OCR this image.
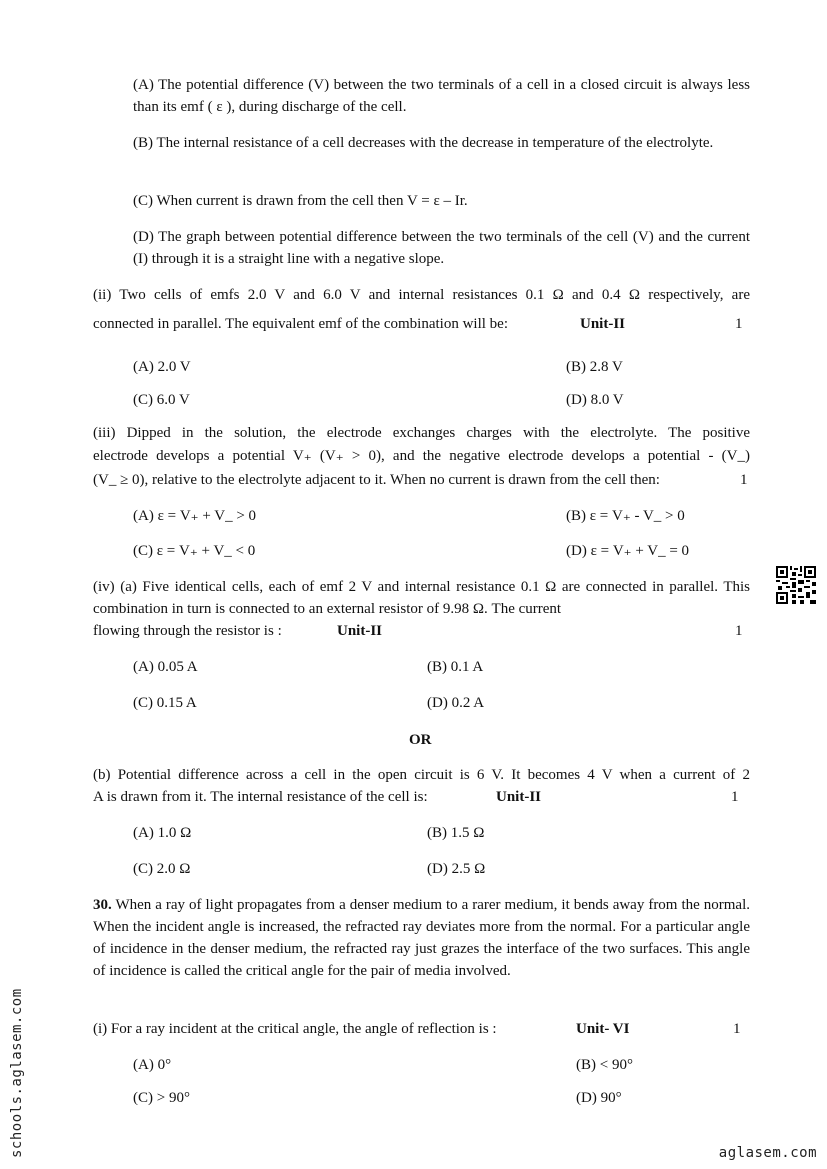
(A) The potential difference (V) between the two terminals of a cell in a closed circuit is always less than its emf ( ε ), during discharge of the cell.
(B) The internal resistance of a cell decreases with the decrease in temperature of the electrolyte.
(C) When current is drawn from the cell then V = ε – Ir.
(D) The graph between potential difference between the two terminals of the cell (V) and the current (I) through it is a straight line with a negative slope.
(ii) Two cells of emfs 2.0 V and 6.0 V and internal resistances 0.1 Ω and 0.4 Ω respectively, are
connected in parallel. The equivalent emf of the combination will be:	Unit-II	1
(A) 2.0 V	(B) 2.8 V
(C) 6.0 V	(D) 8.0 V
(iii) Dipped in the solution, the electrode exchanges charges with the electrolyte. The positive
electrode develops a potential V₊ (V₊ > 0), and the negative electrode develops a potential - (V_)
(V_ ≥ 0), relative to the electrolyte adjacent to it. When no current is drawn from the cell then:	1
(A) ε = V₊ + V_ > 0	(B) ε = V₊ - V_ > 0
(C) ε = V₊ + V_ < 0	(D) ε = V₊ + V_ = 0
(iv) (a) Five identical cells, each of emf 2 V and internal resistance 0.1 Ω are connected in parallel. This combination in turn is connected to an external resistor of 9.98 Ω. The current
flowing through the resistor is :	Unit-II	1
(A) 0.05 A	(B) 0.1 A
(C) 0.15 A	(D) 0.2 A
OR
(b) Potential difference across a cell in the open circuit is 6 V. It becomes 4 V when a current of 2
A is drawn from it. The internal resistance of the cell is:	Unit-II	1
(A) 1.0 Ω	(B) 1.5 Ω
(C) 2.0 Ω	(D) 2.5 Ω
30. When a ray of light propagates from a denser medium to a rarer medium, it bends away from the normal. When the incident angle is increased, the refracted ray deviates more from the normal. For a particular angle of incidence in the denser medium, the refracted ray just grazes the interface of the two surfaces. This angle of incidence is called the critical angle for the pair of media involved.
(i) For a ray incident at the critical angle, the angle of reflection is :	Unit- VI	1
(A) 0°	(B) < 90°
(C) > 90°	(D) 90°
schools.aglasem.com	aglasem.com
